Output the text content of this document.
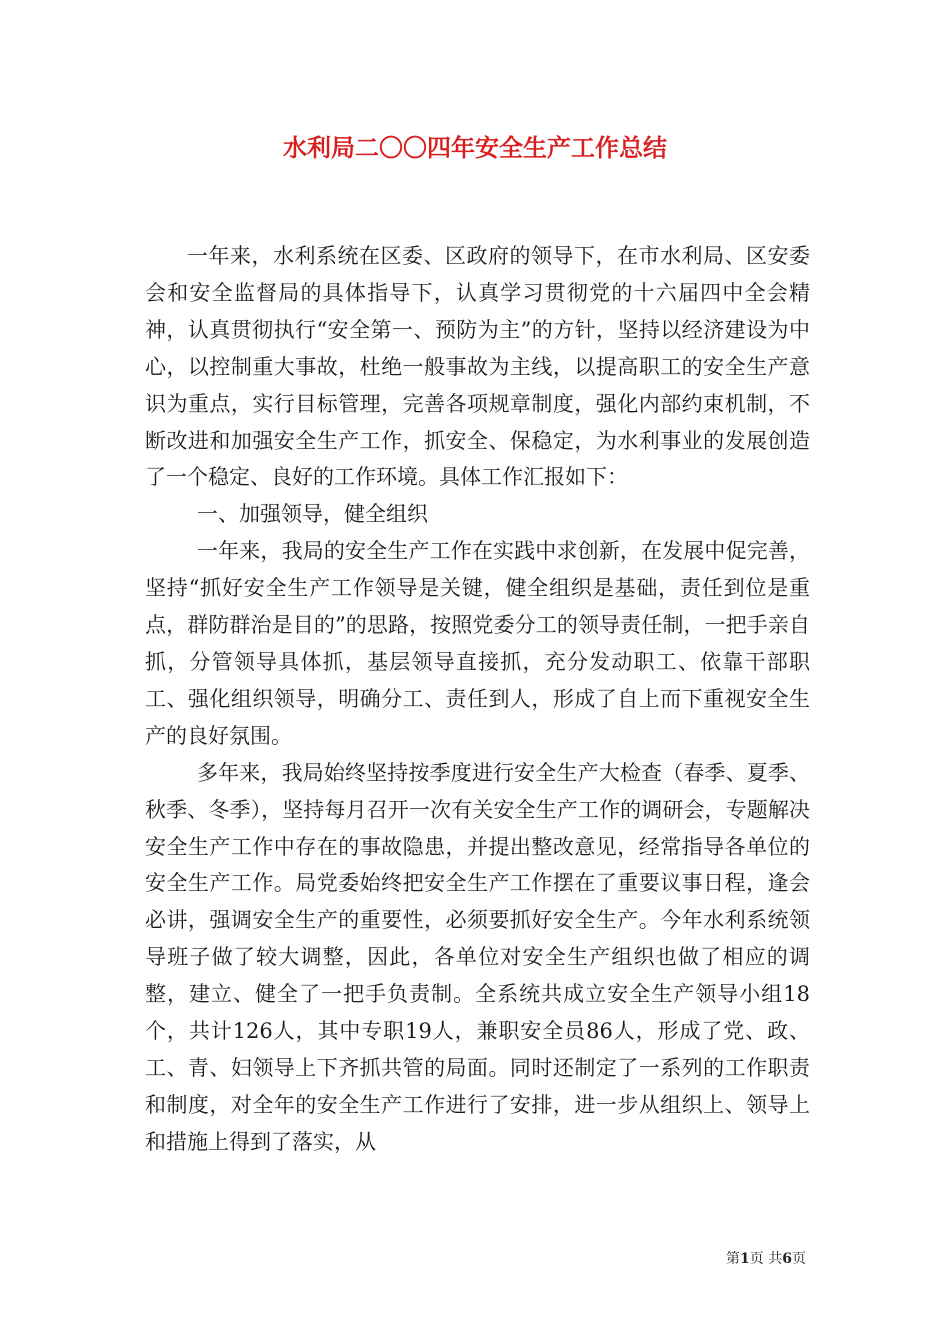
水利局二〇〇四年安全生产工作总结

一年来，水利系统在区委、区政府的领导下，在市水利局、区安委会和安全监督局的具体指导下，认真学习贯彻党的十六届四中全会精神，认真贯彻执行“安全第一、预防为主”的方针，坚持以经济建设为中心，以控制重大事故，杜绝一般事故为主线，以提高职工的安全生产意识为重点，实行目标管理，完善各项规章制度，强化内部约束机制，不断改进和加强安全生产工作，抓安全、保稳定，为水利事业的发展创造了一个稳定、良好的工作环境。具体工作汇报如下：

一、加强领导，健全组织

一年来，我局的安全生产工作在实践中求创新，在发展中促完善，坚持“抓好安全生产工作领导是关键，健全组织是基础，责任到位是重点，群防群治是目的”的思路，按照党委分工的领导责任制，一把手亲自抓，分管领导具体抓，基层领导直接抓，充分发动职工、依靠干部职工、强化组织领导，明确分工、责任到人，形成了自上而下重视安全生产的良好氛围。

多年来，我局始终坚持按季度进行安全生产大检查（春季、夏季、秋季、冬季），坚持每月召开一次有关安全生产工作的调研会，专题解决安全生产工作中存在的事故隐患，并提出整改意见，经常指导各单位的安全生产工作。局党委始终把安全生产工作摆在了重要议事日程，逢会必讲，强调安全生产的重要性，必须要抓好安全生产。今年水利系统领导班子做了较大调整，因此，各单位对安全生产组织也做了相应的调整，建立、健全了一把手负责制。全系统共成立安全生产领导小组18个，共计126人，其中专职19人，兼职安全员86人，形成了党、政、工、青、妇领导上下齐抓共管的局面。同时还制定了一系列的工作职责和制度，对全年的安全生产工作进行了安排，进一步从组织上、领导上和措施上得到了落实，从

第1页 共6页
